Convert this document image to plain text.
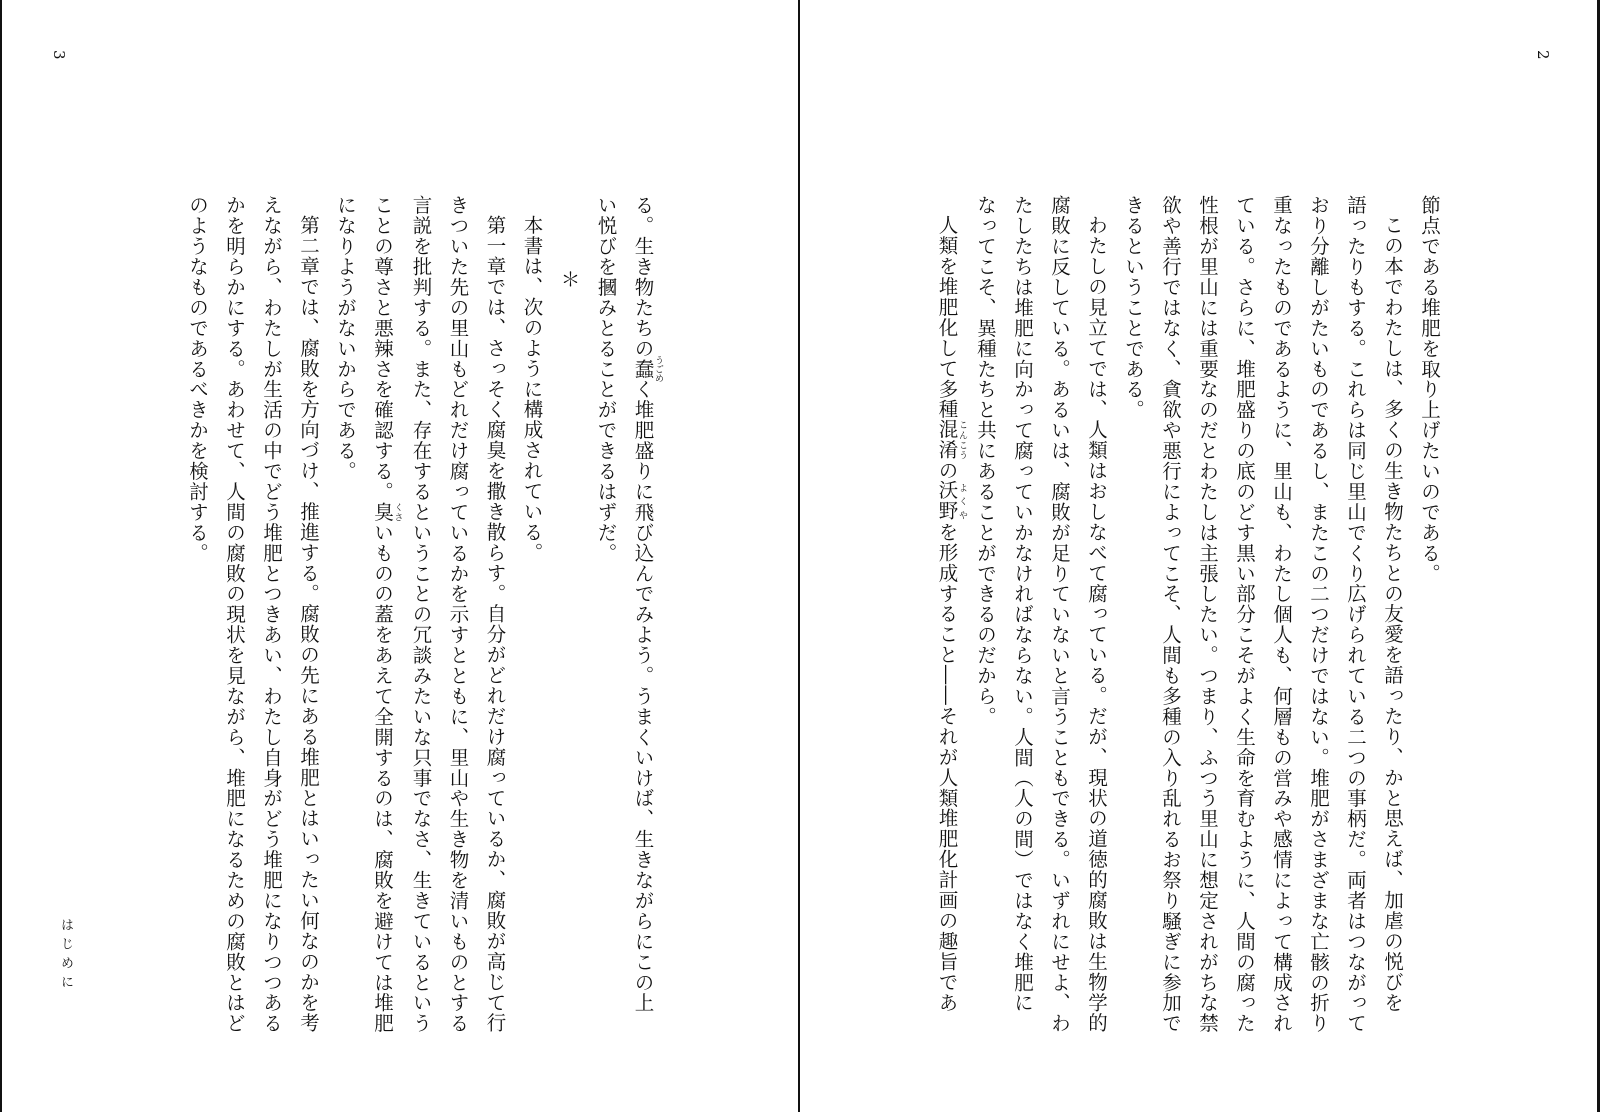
3
はじめに

る。生き物たちの蠢うごめく堆肥盛りに飛び込んでみよう。うまくいけば、生きながらにこの上

い悦びを摑みとることができるはずだ。

＊

本書は、次のように構成されている。

第一章では、さっそく腐臭を撒き散らす。自分がどれだけ腐っているか、腐敗が高じて行

きついた先の里山もどれだけ腐っているかを示すとともに、里山や生き物を清いものとする

言説を批判する。また、存在するということの冗談みたいな只事でなさ、生きているという

ことの尊さと悪辣さを確認する。臭くさいものの蓋をあえて全開するのは、腐敗を避けては堆肥

になりようがないからである。

第二章では、腐敗を方向づけ、推進する。腐敗の先にある堆肥とはいったい何なのかを考

えながら、わたしが生活の中でどう堆肥とつきあい、わたし自身がどう堆肥になりつつある

かを明らかにする。あわせて、人間の腐敗の現状を見ながら、堆肥になるための腐敗とはど

のようなものであるべきかを検討する。

2

節点である堆肥を取り上げたいのである。

この本でわたしは、多くの生き物たちとの友愛を語ったり、かと思えば、加虐の悦びを

語ったりもする。これらは同じ里山でくり広げられている二つの事柄だ。両者はつながって

おり分離しがたいものであるし、またこの二つだけではない。堆肥がさまざまな亡骸の折り

重なったものであるように、里山も、わたし個人も、何層もの営みや感情によって構成され

ている。さらに、堆肥盛りの底のどす黒い部分こそがよく生命を育むように、人間の腐った

性根が里山には重要なのだとわたしは主張したい。つまり、ふつう里山に想定されがちな禁

欲や善行ではなく、貪欲や悪行によってこそ、人間も多種の入り乱れるお祭り騒ぎに参加で

きるということである。

わたしの見立てでは、人類はおしなべて腐っている。だが、現状の道徳的腐敗は生物学的

腐敗に反している。あるいは、腐敗が足りていないと言うこともできる。いずれにせよ、わ

たしたちは堆肥に向かって腐っていかなければならない。人間（人の間）ではなく堆肥に

なってこそ、異種たちと共にあることができるのだから。

人類を堆肥化して多種混淆こんこうの沃野よくやを形成すること――それが人類堆肥化計画の趣旨であ
